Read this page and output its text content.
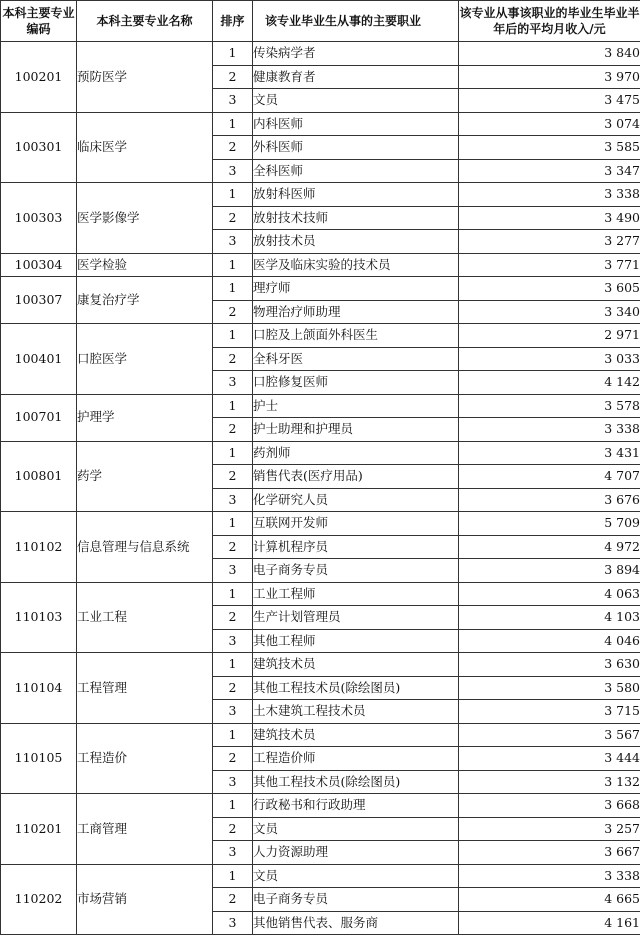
本科主要专业编码	本科主要专业名称	排序	该专业毕业生从事的主要职业	该专业从事该职业的毕业生毕业半年后的平均月收入/元
100201	预防医学	1	传染病学者	3 840
		2	健康教育者	3 970
		3	文员	3 475
100301	临床医学	1	内科医师	3 074
		2	外科医师	3 585
		3	全科医师	3 347
100303	医学影像学	1	放射科医师	3 338
		2	放射技术技师	3 490
		3	放射技术员	3 277
100304	医学检验	1	医学及临床实验的技术员	3 771
100307	康复治疗学	1	理疗师	3 605
		2	物理治疗师助理	3 340
100401	口腔医学	1	口腔及上颌面外科医生	2 971
		2	全科牙医	3 033
		3	口腔修复医师	4 142
100701	护理学	1	护士	3 578
		2	护士助理和护理员	3 338
100801	药学	1	药剂师	3 431
		2	销售代表(医疗用品)	4 707
		3	化学研究人员	3 676
110102	信息管理与信息系统	1	互联网开发师	5 709
		2	计算机程序员	4 972
		3	电子商务专员	3 894
110103	工业工程	1	工业工程师	4 063
		2	生产计划管理员	4 103
		3	其他工程师	4 046
110104	工程管理	1	建筑技术员	3 630
		2	其他工程技术员(除绘图员)	3 580
		3	土木建筑工程技术员	3 715
110105	工程造价	1	建筑技术员	3 567
		2	工程造价师	3 444
		3	其他工程技术员(除绘图员)	3 132
110201	工商管理	1	行政秘书和行政助理	3 668
		2	文员	3 257
		3	人力资源助理	3 667
110202	市场营销	1	文员	3 338
		2	电子商务专员	4 665
		3	其他销售代表、服务商	4 161
